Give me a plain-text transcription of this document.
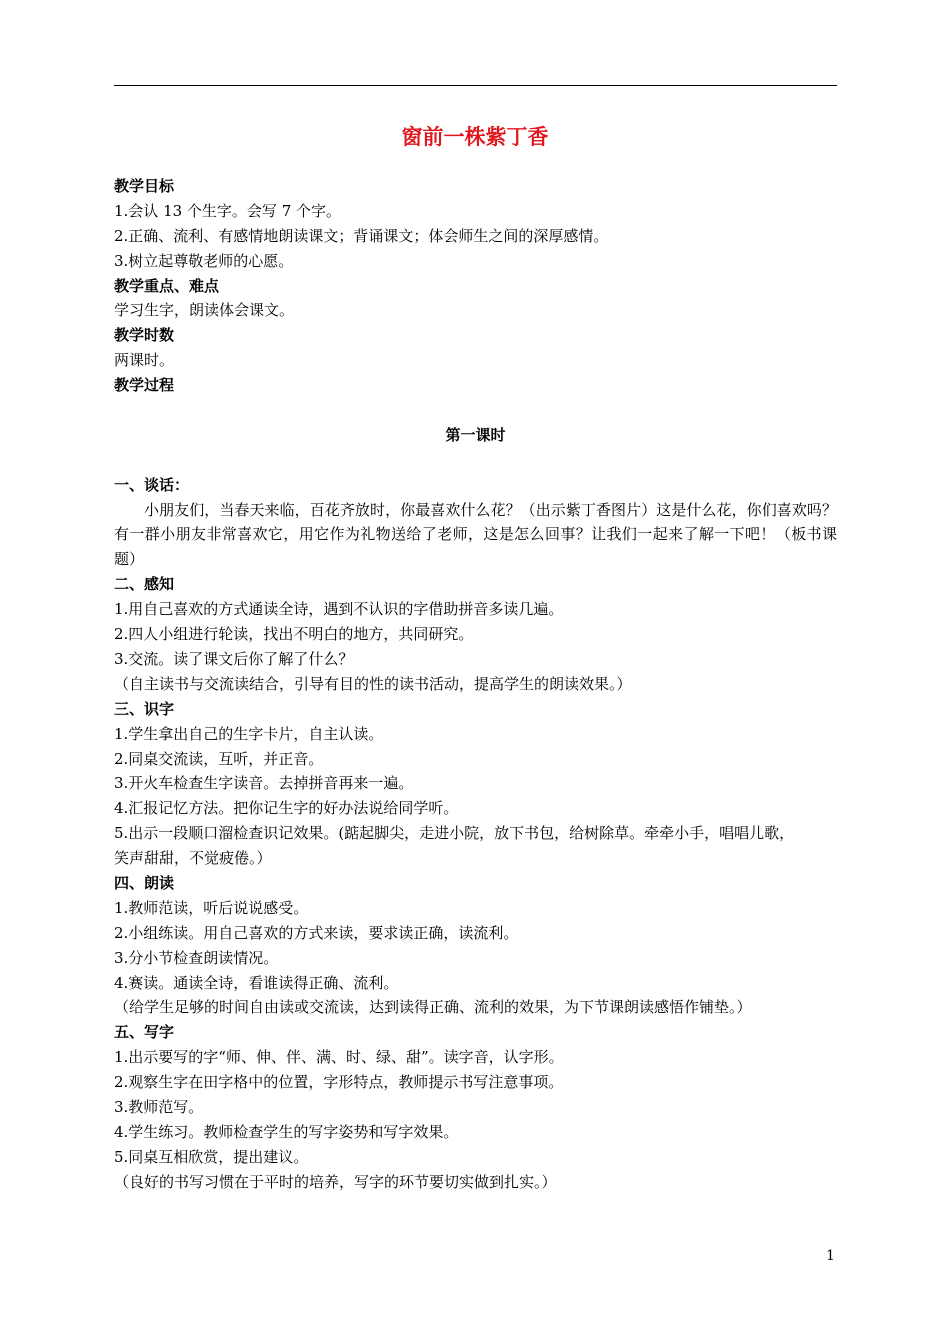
窗前一株紫丁香
教学目标
1.会认 13 个生字。会写 7 个字。
2.正确、流利、有感情地朗读课文；背诵课文；体会师生之间的深厚感情。
3.树立起尊敬老师的心愿。
教学重点、难点
学习生字，朗读体会课文。
教学时数
两课时。
教学过程
第一课时
一、谈话：
小朋友们，当春天来临，百花齐放时，你最喜欢什么花？（出示紫丁香图片）这是什么花，你们喜欢吗？有一群小朋友非常喜欢它，用它作为礼物送给了老师，这是怎么回事？让我们一起来了解一下吧！（板书课题）
二、感知
1.用自己喜欢的方式通读全诗，遇到不认识的字借助拼音多读几遍。
2.四人小组进行轮读，找出不明白的地方，共同研究。
3.交流。读了课文后你了解了什么？
（自主读书与交流读结合，引导有目的性的读书活动，提高学生的朗读效果。）
三、识字
1.学生拿出自己的生字卡片，自主认读。
2.同桌交流读，互听，并正音。
3.开火车检查生字读音。去掉拼音再来一遍。
4.汇报记忆方法。把你记生字的好办法说给同学听。
5.出示一段顺口溜检查识记效果。(踮起脚尖，走进小院，放下书包，给树除草。牵牵小手，唱唱儿歌，
笑声甜甜，不觉疲倦。）
四、朗读
1.教师范读，听后说说感受。
2.小组练读。用自己喜欢的方式来读，要求读正确，读流利。
3.分小节检查朗读情况。
4.赛读。通读全诗，看谁读得正确、流利。
（给学生足够的时间自由读或交流读，达到读得正确、流利的效果，为下节课朗读感悟作铺垫。）
五、写字
1.出示要写的字“师、伸、伴、满、时、绿、甜”。读字音，认字形。
2.观察生字在田字格中的位置，字形特点，教师提示书写注意事项。
3.教师范写。
4.学生练习。教师检查学生的写字姿势和写字效果。
5.同桌互相欣赏，提出建议。
（良好的书写习惯在于平时的培养，写字的环节要切实做到扎实。）
1
